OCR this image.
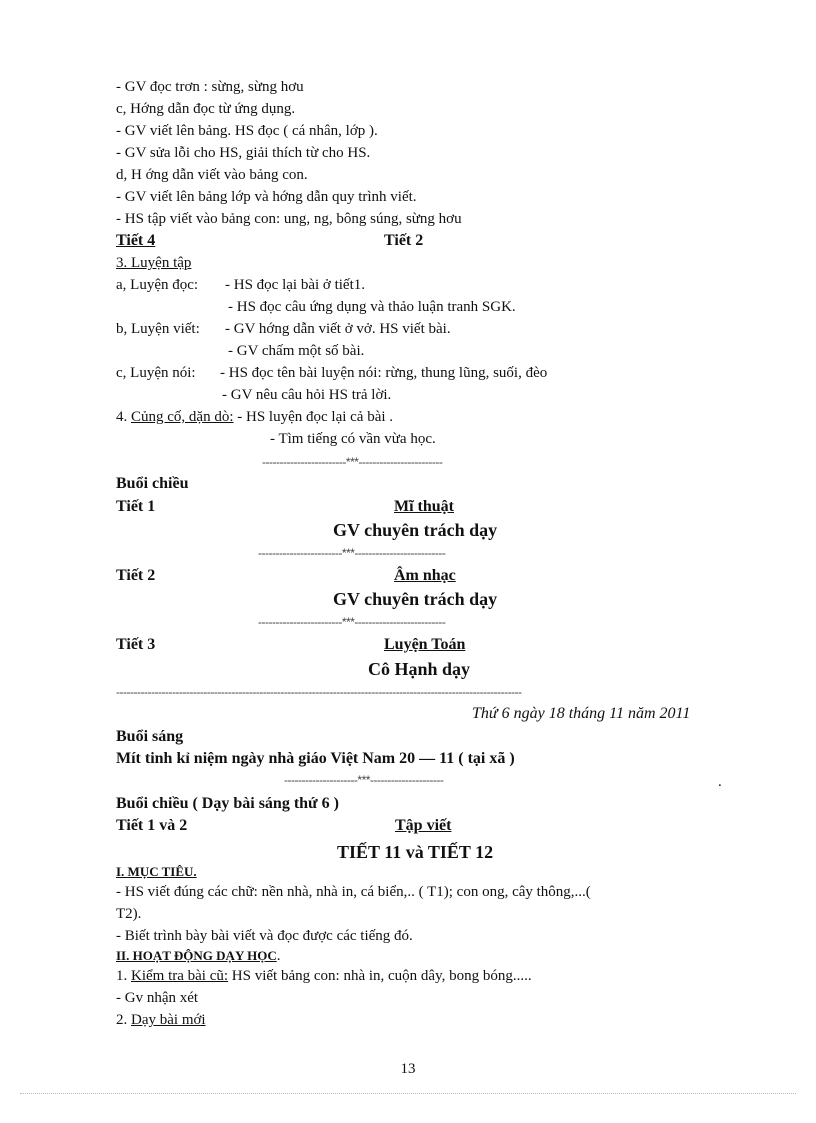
- GV đọc trơn : sừng, sừng hơu
c, Hớng dẫn đọc từ ứng dụng.
- GV viết lên bảng. HS đọc ( cá nhân, lớp ).
- GV sửa lỗi cho HS, giải thích từ cho HS.
d, H ớng dẫn viết vào bảng con.
- GV viết lên bảng lớp và hớng dẫn quy trình viết.
- HS tập viết vào bảng con: ung, ng, bông súng, sừng hơu
Tiết 4	Tiết 2
3. Luyện tập
a, Luyện đọc: - HS đọc lại bài ở tiết1.
- HS đọc câu ứng dụng và thảo luận tranh SGK.
b, Luyện viết: - GV hớng dẫn viết ở vở. HS viết bài.
- GV chấm một số bài.
c, Luyện nói: - HS đọc tên bài luyện nói: rừng, thung lũng, suối, đèo
- GV nêu câu hỏi HS trả lời.
4. Củng cố, dặn dò: - HS luyện đọc lại cả bài .
- Tìm tiếng có vần vừa học.
------------------------***------------------------
Buổi chiều
Tiết 1	Mĩ thuật
GV chuyên trách dạy
------------------------***--------------------------
Tiết 2	Âm nhạc
GV chuyên trách dạy
------------------------***--------------------------
Tiết 3	Luyện Toán
Cô Hạnh dạy
--------------------------------------------------------------------------------------------------------------------
Thứ 6 ngày 18 tháng 11 năm 2011
Buổi sáng
Mít tinh kỉ niệm ngày nhà giáo Việt Nam 20 — 11 ( tại xã )
---------------------***---------------------	.
Buổi chiều ( Dạy bài sáng thứ 6 )
Tiết 1 và 2	Tập viết
TIẾT 11 và TIẾT 12
I. MỤC TIÊU.
- HS viết đúng các chữ: nền nhà, nhà in, cá biển,.. ( T1); con ong, cây thông,...(
T2).
- Biết trình bày bài viết và đọc được các tiếng đó.
II. HOẠT ĐỘNG DẠY HỌC.
1. Kiểm tra bài cũ: HS viết bảng con: nhà in, cuộn dây, bong bóng.....
- Gv nhận xét
2. Dạy bài mới
13
